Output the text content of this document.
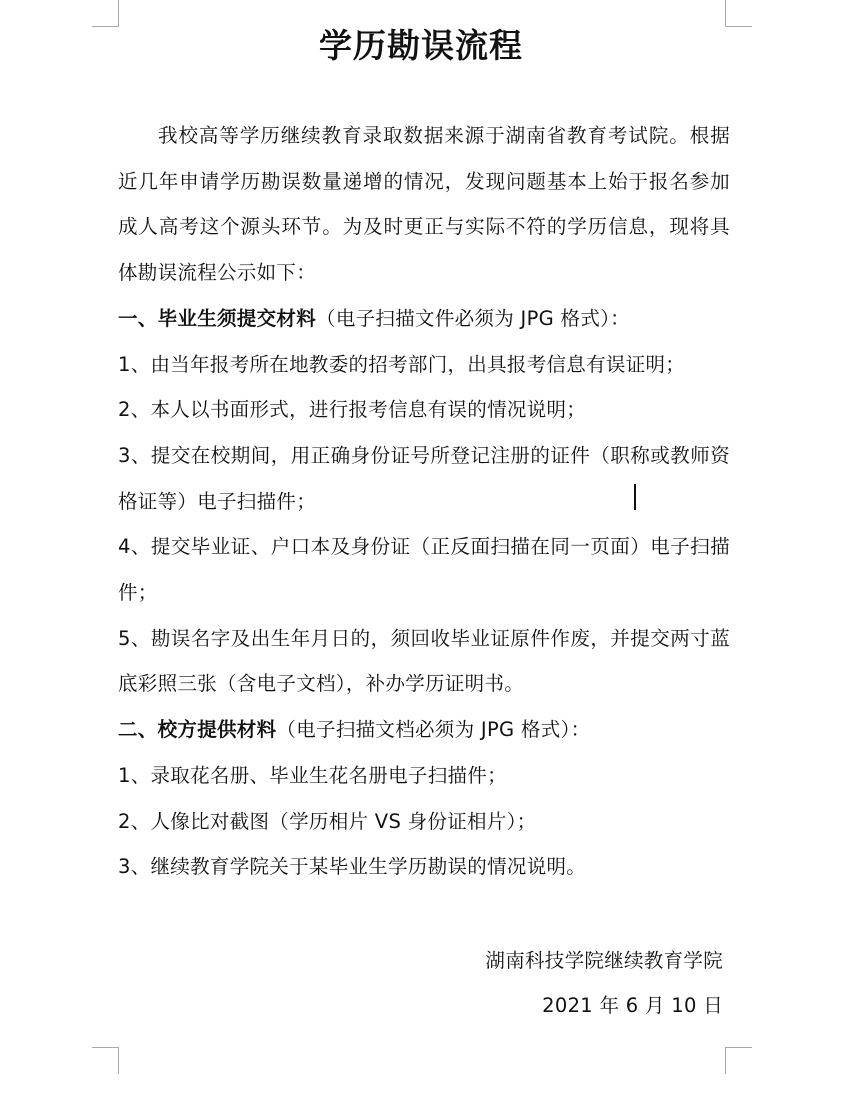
学历勘误流程

我校高等学历继续教育录取数据来源于湖南省教育考试院。根据近几年申请学历勘误数量递增的情况，发现问题基本上始于报名参加成人高考这个源头环节。为及时更正与实际不符的学历信息，现将具体勘误流程公示如下：

一、毕业生须提交材料（电子扫描文件必须为 JPG 格式）：

1、由当年报考所在地教委的招考部门，出具报考信息有误证明；

2、本人以书面形式，进行报考信息有误的情况说明；

3、提交在校期间，用正确身份证号所登记注册的证件（职称或教师资格证等）电子扫描件；

4、提交毕业证、户口本及身份证（正反面扫描在同一页面）电子扫描件；

5、勘误名字及出生年月日的，须回收毕业证原件作废，并提交两寸蓝底彩照三张（含电子文档），补办学历证明书。

二、校方提供材料（电子扫描文档必须为 JPG 格式）：

1、录取花名册、毕业生花名册电子扫描件；

2、人像比对截图（学历相片 VS 身份证相片）；

3、继续教育学院关于某毕业生学历勘误的情况说明。

湖南科技学院继续教育学院
2021 年 6 月 10 日
